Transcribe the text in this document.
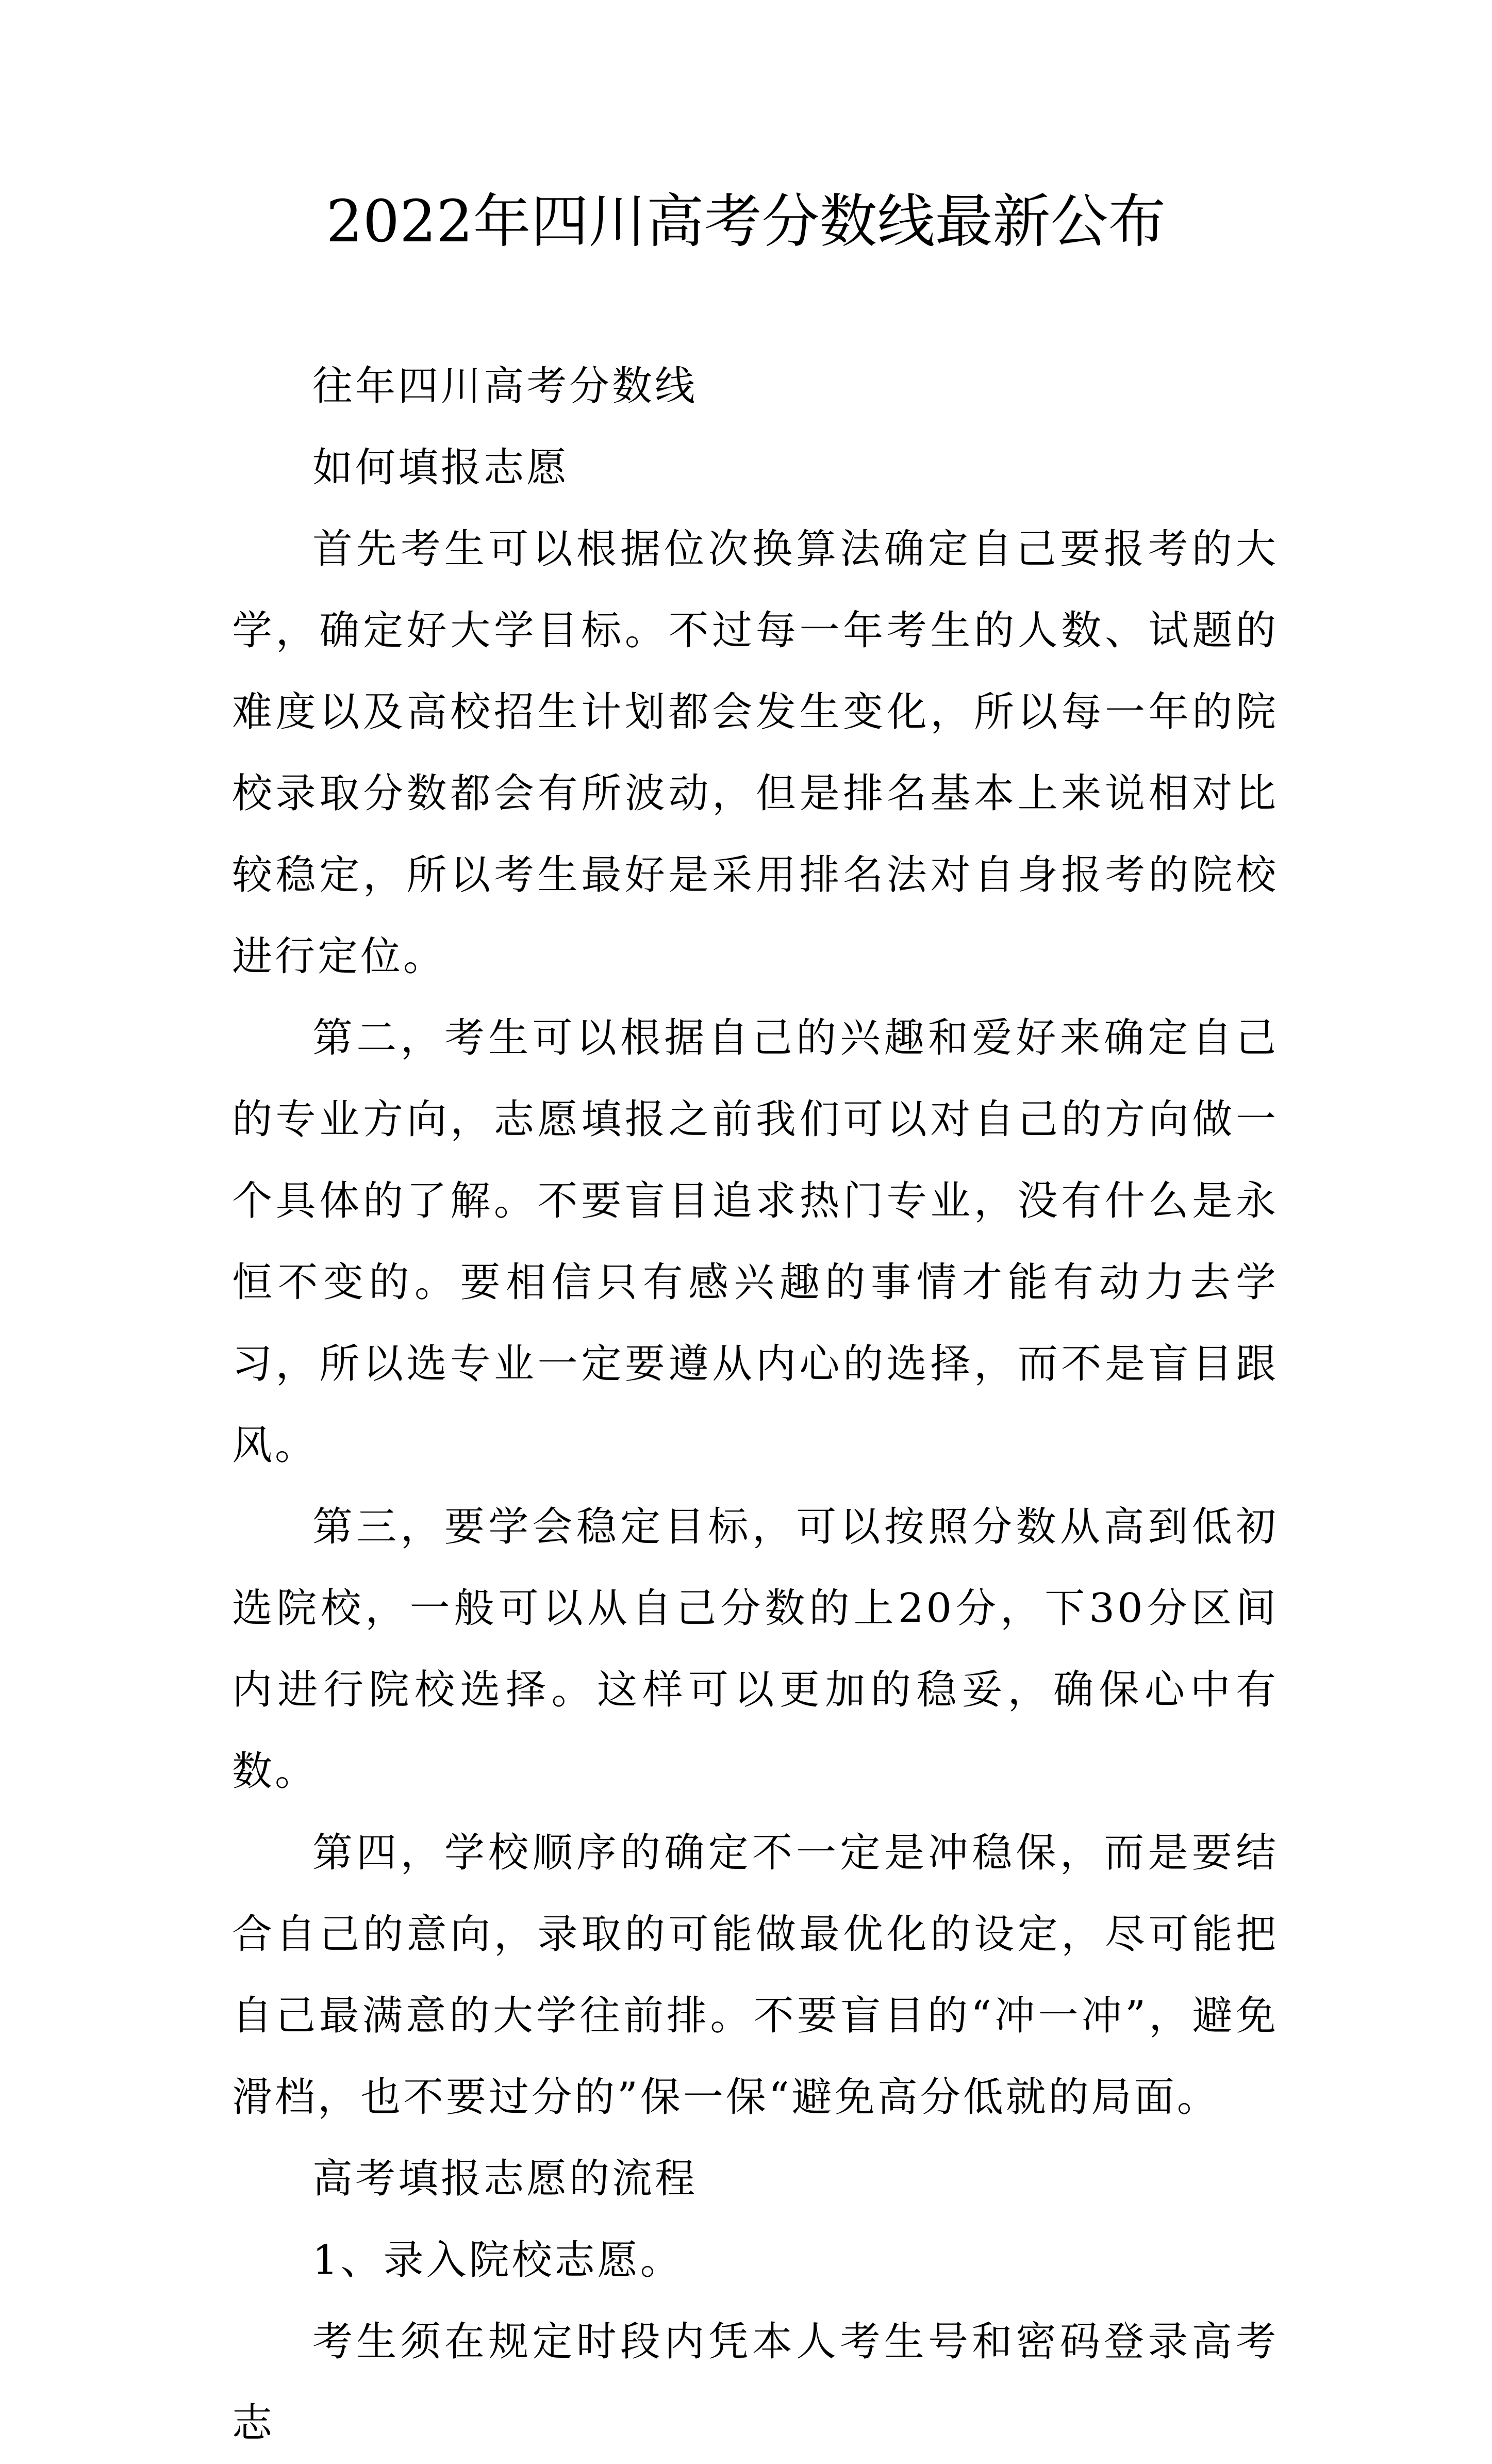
2022年四川高考分数线最新公布

往年四川高考分数线

如何填报志愿

首先考生可以根据位次换算法确定自己要报考的大学，确定好大学目标。不过每一年考生的人数、试题的难度以及高校招生计划都会发生变化，所以每一年的院校录取分数都会有所波动，但是排名基本上来说相对比较稳定，所以考生最好是采用排名法对自身报考的院校进行定位。

第二，考生可以根据自己的兴趣和爱好来确定自己的专业方向，志愿填报之前我们可以对自己的方向做一个具体的了解。不要盲目追求热门专业，没有什么是永恒不变的。要相信只有感兴趣的事情才能有动力去学习，所以选专业一定要遵从内心的选择，而不是盲目跟风。

第三，要学会稳定目标，可以按照分数从高到低初选院校，一般可以从自己分数的上20分，下30分区间内进行院校选择。这样可以更加的稳妥，确保心中有数。

第四，学校顺序的确定不一定是冲稳保，而是要结合自己的意向，录取的可能做最优化的设定，尽可能把自己最满意的大学往前排。不要盲目的“冲一冲”，避免滑档，也不要过分的”保一保“避免高分低就的局面。

高考填报志愿的流程

1、录入院校志愿。

考生须在规定时段内凭本人考生号和密码登录高考志
